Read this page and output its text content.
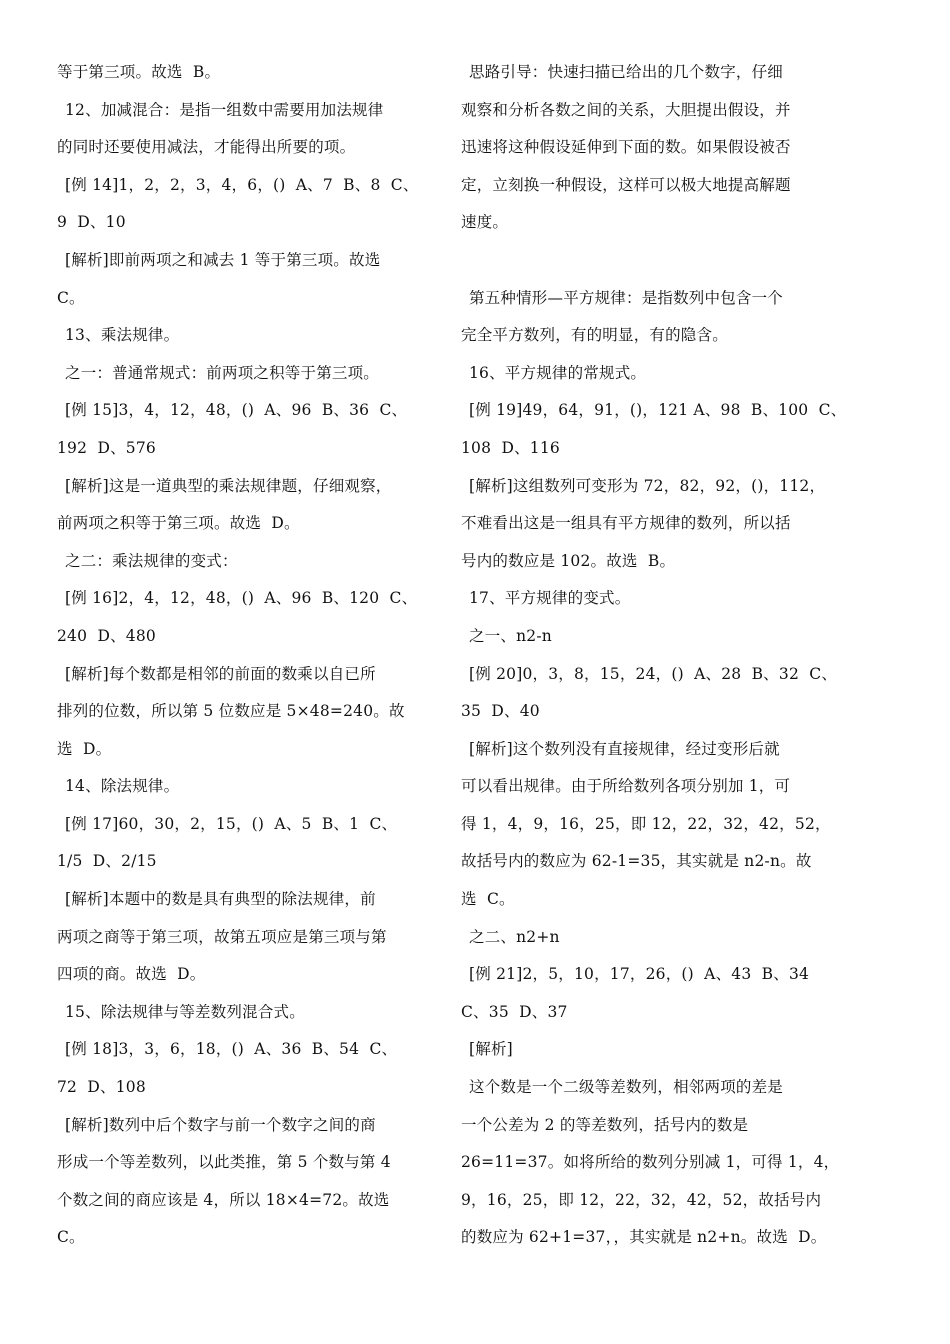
等于第三项。故选  B。
12、加减混合：是指一组数中需要用加法规律
的同时还要使用减法，才能得出所要的项。
[例 14]1，2，2，3，4，6，()  A、7  B、8  C、
9  D、10
[解析]即前两项之和减去 1 等于第三项。故选
C。
13、乘法规律。
之一：普通常规式：前两项之积等于第三项。
[例 15]3，4，12，48，()  A、96  B、36  C、
192  D、576
[解析]这是一道典型的乘法规律题，仔细观察，
前两项之积等于第三项。故选  D。
之二：乘法规律的变式：
[例 16]2，4，12，48，()  A、96  B、120  C、
240  D、480
[解析]每个数都是相邻的前面的数乘以自已所
排列的位数，所以第 5 位数应是 5×48=240。故
选  D。
14、除法规律。
[例 17]60，30，2，15，()  A、5  B、1  C、
1/5  D、2/15
[解析]本题中的数是具有典型的除法规律，前
两项之商等于第三项，故第五项应是第三项与第
四项的商。故选  D。
15、除法规律与等差数列混合式。
[例 18]3，3，6，18，()  A、36  B、54  C、
72  D、108
[解析]数列中后个数字与前一个数字之间的商
形成一个等差数列，以此类推，第 5 个数与第 4
个数之间的商应该是 4，所以 18×4=72。故选
C。
思路引导：快速扫描已给出的几个数字，仔细
观察和分析各数之间的关系，大胆提出假设，并
迅速将这种假设延伸到下面的数。如果假设被否
定，立刻换一种假设，这样可以极大地提高解题
速度。
第五种情形—平方规律：是指数列中包含一个
完全平方数列，有的明显，有的隐含。
16、平方规律的常规式。
[例 19]49，64，91，()，121 A、98  B、100  C、
108  D、116
[解析]这组数列可变形为 72，82，92，()，112，
不难看出这是一组具有平方规律的数列，所以括
号内的数应是 102。故选  B。
17、平方规律的变式。
之一、n2-n
[例 20]0，3，8，15，24，()  A、28  B、32  C、
35  D、40
[解析]这个数列没有直接规律，经过变形后就
可以看出规律。由于所给数列各项分别加 1，可
得 1，4，9，16，25，即 12，22，32，42，52，
故括号内的数应为 62-1=35，其实就是 n2-n。故
选  C。
之二、n2+n
[例 21]2，5，10，17，26，()  A、43  B、34
C、35  D、37
[解析]
这个数是一个二级等差数列，相邻两项的差是
一个公差为 2 的等差数列，括号内的数是
26=11=37。如将所给的数列分别减 1，可得 1，4，
9，16，25，即 12，22，32，42，52，故括号内
的数应为 62+1=37，，其实就是 n2+n。故选  D。
